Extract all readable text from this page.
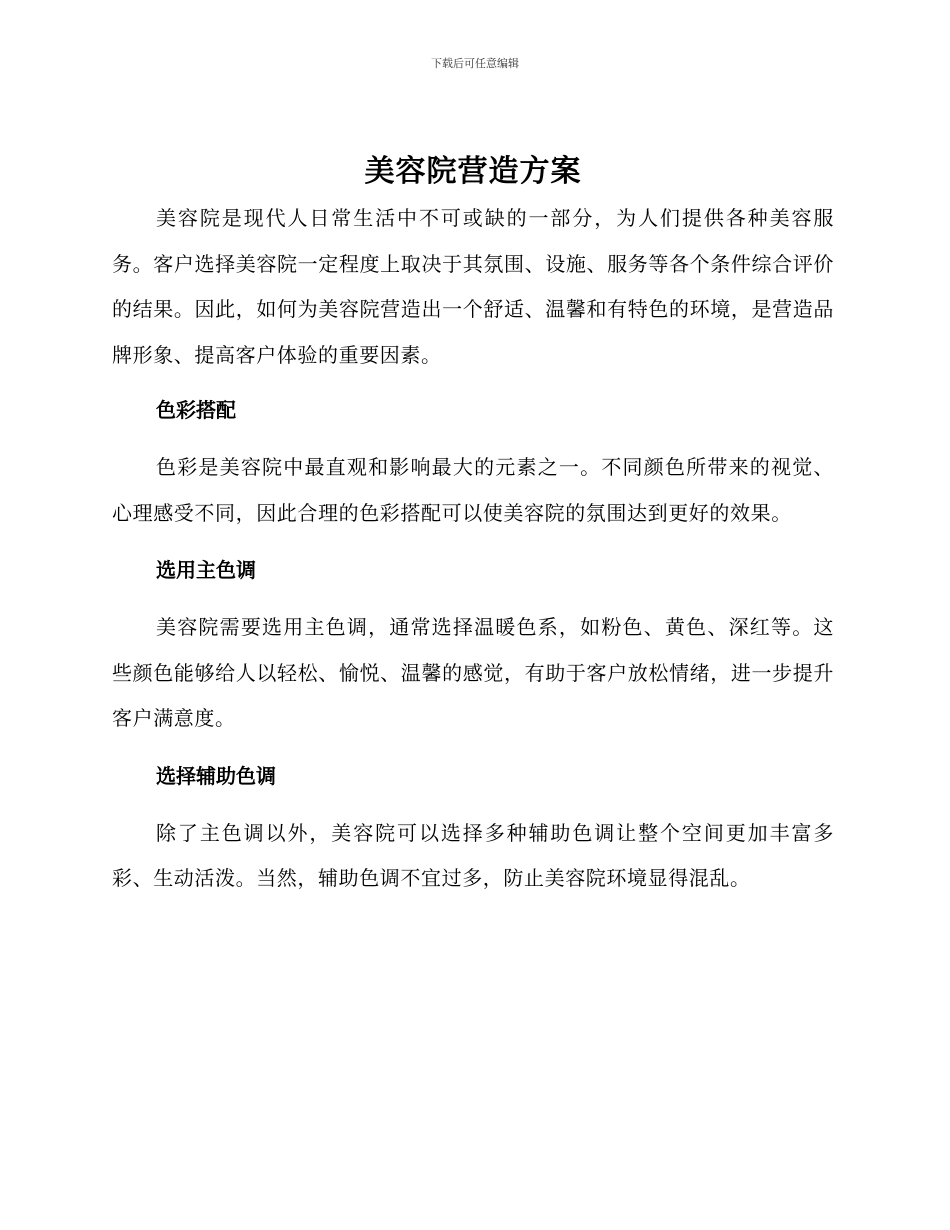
下载后可任意编辑
美容院营造方案

美容院是现代人日常生活中不可或缺的一部分，为人们提供各种美容服务。客户选择美容院一定程度上取决于其氛围、设施、服务等各个条件综合评价的结果。因此，如何为美容院营造出一个舒适、温馨和有特色的环境，是营造品牌形象、提高客户体验的重要因素。

色彩搭配

色彩是美容院中最直观和影响最大的元素之一。不同颜色所带来的视觉、心理感受不同，因此合理的色彩搭配可以使美容院的氛围达到更好的效果。

选用主色调

美容院需要选用主色调，通常选择温暖色系，如粉色、黄色、深红等。这些颜色能够给人以轻松、愉悦、温馨的感觉，有助于客户放松情绪，进一步提升客户满意度。

选择辅助色调

除了主色调以外，美容院可以选择多种辅助色调让整个空间更加丰富多彩、生动活泼。当然，辅助色调不宜过多，防止美容院环境显得混乱。
